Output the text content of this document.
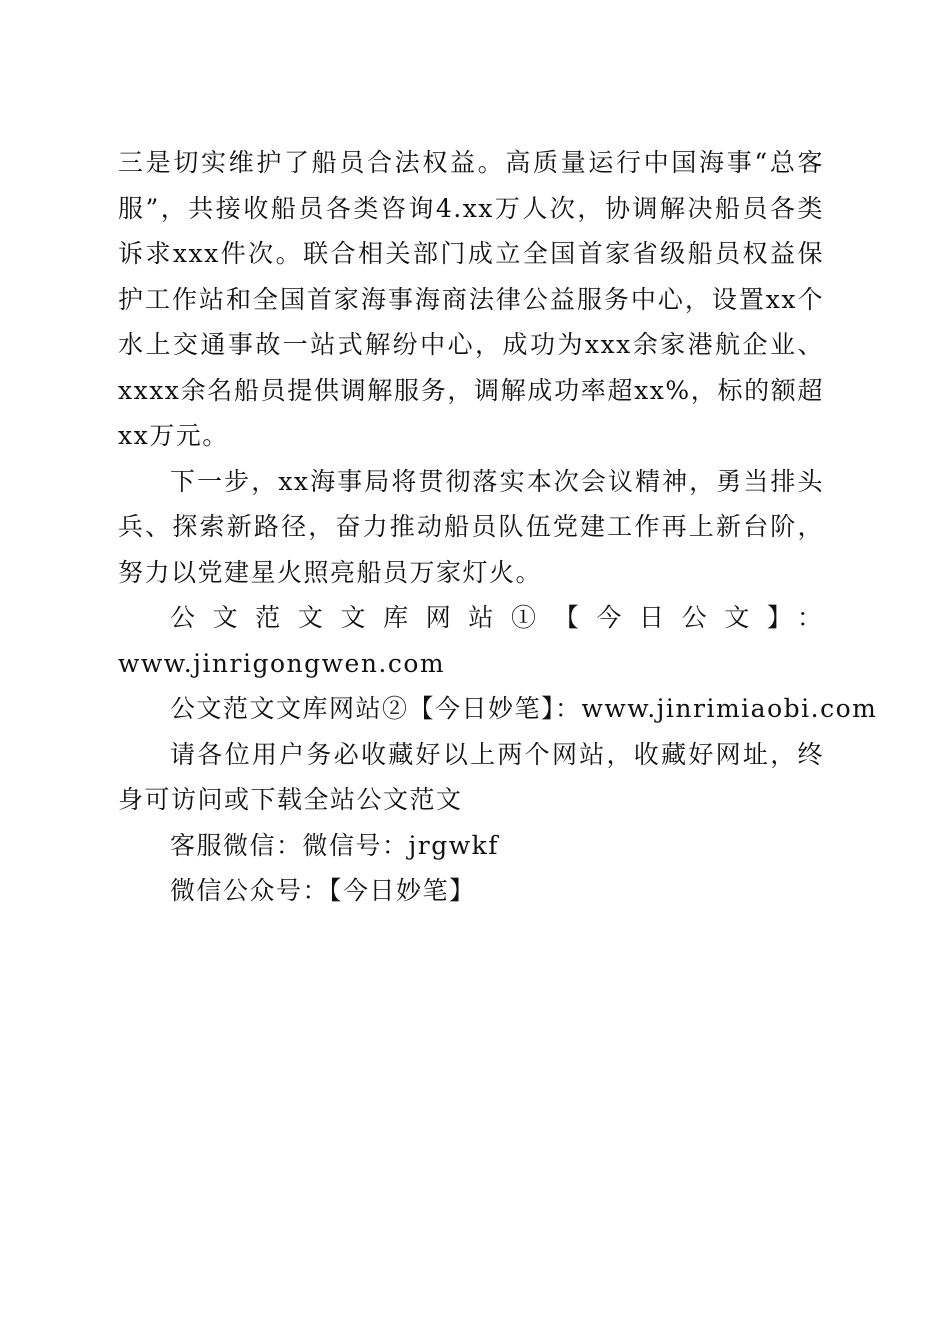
三是切实维护了船员合法权益。高质量运行中国海事“总客服”，共接收船员各类咨询4.xx万人次，协调解决船员各类诉求xxx件次。联合相关部门成立全国首家省级船员权益保护工作站和全国首家海事海商法律公益服务中心，设置xx个水上交通事故一站式解纷中心，成功为xxx余家港航企业、xxxx余名船员提供调解服务，调解成功率超xx%，标的额超xx万元。

下一步，xx海事局将贯彻落实本次会议精神，勇当排头兵、探索新路径，奋力推动船员队伍党建工作再上新台阶，努力以党建星火照亮船员万家灯火。

公文范文文库网站①【今日公文】：

www.jinrigongwen.com

公文范文文库网站②【今日妙笔】：www.jinrimiaobi.com

请各位用户务必收藏好以上两个网站，收藏好网址，终身可访问或下载全站公文范文

客服微信：微信号：jrgwkf

微信公众号：【今日妙笔】
